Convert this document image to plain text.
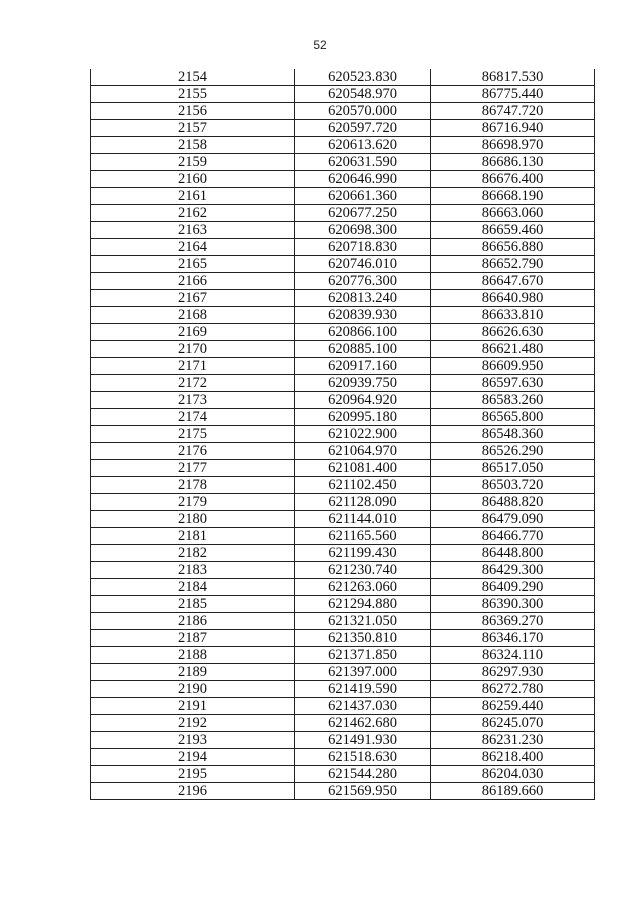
52
2154	620523.830	86817.530
2155	620548.970	86775.440
2156	620570.000	86747.720
2157	620597.720	86716.940
2158	620613.620	86698.970
2159	620631.590	86686.130
2160	620646.990	86676.400
2161	620661.360	86668.190
2162	620677.250	86663.060
2163	620698.300	86659.460
2164	620718.830	86656.880
2165	620746.010	86652.790
2166	620776.300	86647.670
2167	620813.240	86640.980
2168	620839.930	86633.810
2169	620866.100	86626.630
2170	620885.100	86621.480
2171	620917.160	86609.950
2172	620939.750	86597.630
2173	620964.920	86583.260
2174	620995.180	86565.800
2175	621022.900	86548.360
2176	621064.970	86526.290
2177	621081.400	86517.050
2178	621102.450	86503.720
2179	621128.090	86488.820
2180	621144.010	86479.090
2181	621165.560	86466.770
2182	621199.430	86448.800
2183	621230.740	86429.300
2184	621263.060	86409.290
2185	621294.880	86390.300
2186	621321.050	86369.270
2187	621350.810	86346.170
2188	621371.850	86324.110
2189	621397.000	86297.930
2190	621419.590	86272.780
2191	621437.030	86259.440
2192	621462.680	86245.070
2193	621491.930	86231.230
2194	621518.630	86218.400
2195	621544.280	86204.030
2196	621569.950	86189.660
